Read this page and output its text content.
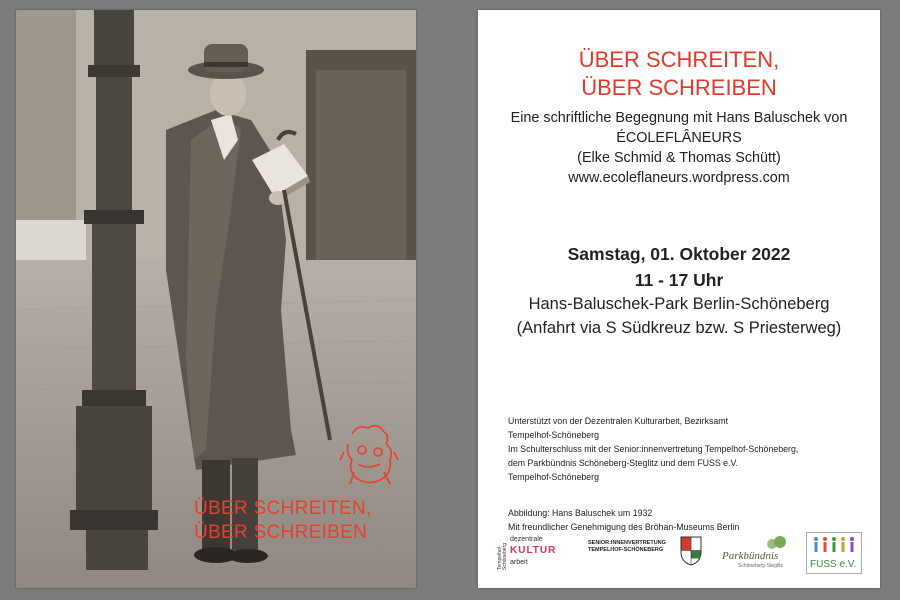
ÜBER SCHREITEN,
ÜBER SCHREIBEN
ÜBER SCHREITEN,
ÜBER SCHREIBEN
Eine schriftliche Begegnung mit Hans Baluschek von
ÉCOLEFLÂNEURS
(Elke Schmid & Thomas Schütt)
www.ecoleflaneurs.wordpress.com
Samstag, 01. Oktober 2022
11 - 17 Uhr
Hans-Baluschek-Park Berlin-Schöneberg
(Anfahrt via S Südkreuz bzw. S Priesterweg)
Unterstützt von der Dezentralen Kulturarbeit, Bezirksamt
Tempelhof-Schöneberg
Im Schulterschluss mit der Senior:innenvertretung Tempelhof-Schöneberg,
dem Parkbündnis Schöneberg-Steglitz und dem FUSS e.V.
Tempelhof-Schöneberg
Abbildung: Hans Baluschek um 1932
Mit freundlicher Genehmigung des Bröhan-Museums Berlin
Tempelhof-Schöneberg
dezentrale
KULTUR
arbeit
SENIOR:INNENVERTRETUNG
TEMPELHOF-SCHÖNEBERG	Parkbündnis
Schöneberg-Steglitz	FUSS e.V.
